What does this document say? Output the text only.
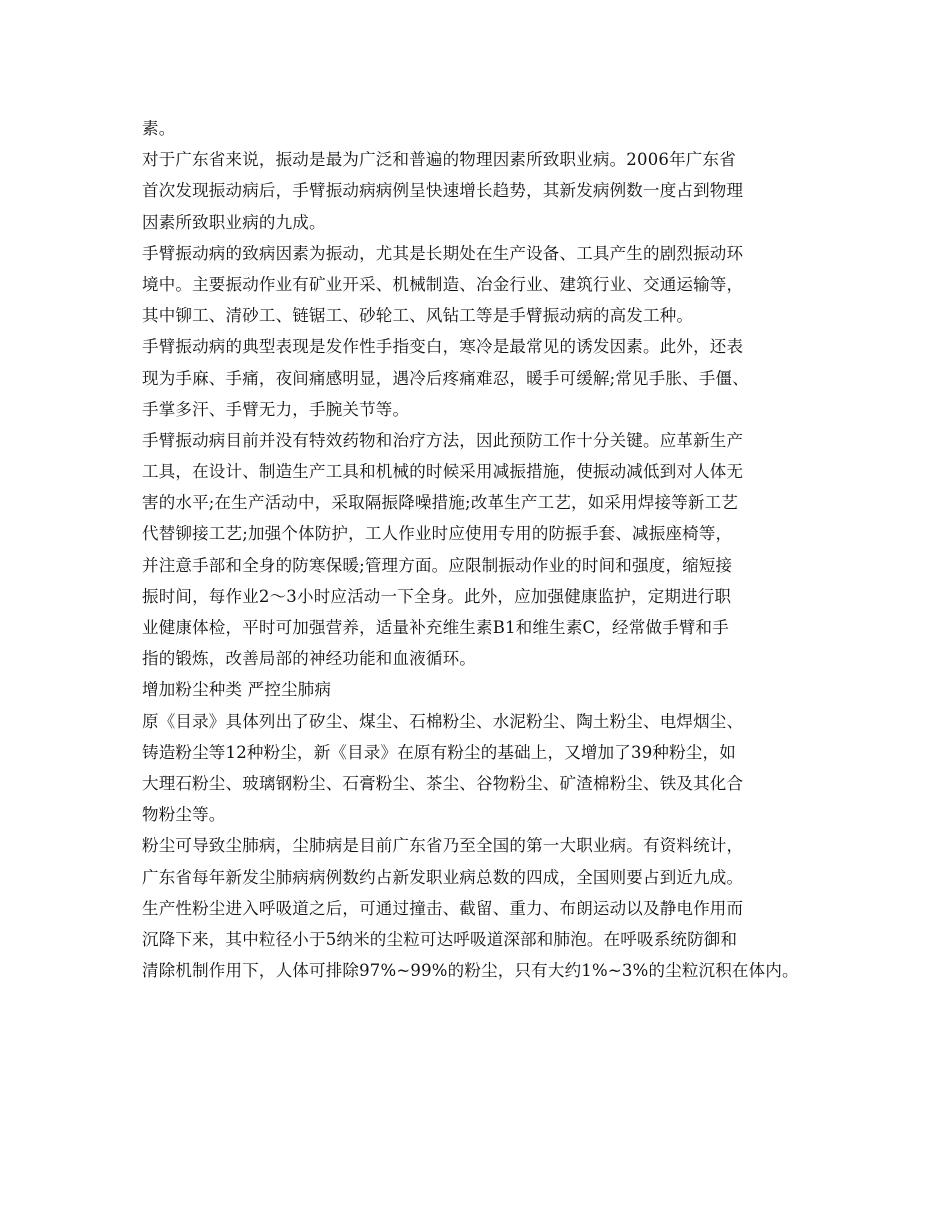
素。
对于广东省来说，振动是最为广泛和普遍的物理因素所致职业病。2006年广东省
首次发现振动病后，手臂振动病病例呈快速增长趋势，其新发病例数一度占到物理
因素所致职业病的九成。
手臂振动病的致病因素为振动，尤其是长期处在生产设备、工具产生的剧烈振动环
境中。主要振动作业有矿业开采、机械制造、冶金行业、建筑行业、交通运输等，
其中铆工、清砂工、链锯工、砂轮工、风钻工等是手臂振动病的高发工种。
手臂振动病的典型表现是发作性手指变白，寒冷是最常见的诱发因素。此外，还表
现为手麻、手痛，夜间痛感明显，遇冷后疼痛难忍，暖手可缓解;常见手胀、手僵、
手掌多汗、手臂无力，手腕关节等。
手臂振动病目前并没有特效药物和治疗方法，因此预防工作十分关键。应革新生产
工具，在设计、制造生产工具和机械的时候采用减振措施，使振动减低到对人体无
害的水平;在生产活动中，采取隔振降噪措施;改革生产工艺，如采用焊接等新工艺
代替铆接工艺;加强个体防护，工人作业时应使用专用的防振手套、减振座椅等，
并注意手部和全身的防寒保暖;管理方面。应限制振动作业的时间和强度，缩短接
振时间，每作业2～3小时应活动一下全身。此外，应加强健康监护，定期进行职
业健康体检，平时可加强营养，适量补充维生素B1和维生素C，经常做手臂和手
指的锻炼，改善局部的神经功能和血液循环。
增加粉尘种类 严控尘肺病
原《目录》具体列出了矽尘、煤尘、石棉粉尘、水泥粉尘、陶土粉尘、电焊烟尘、
铸造粉尘等12种粉尘，新《目录》在原有粉尘的基础上，又增加了39种粉尘，如
大理石粉尘、玻璃钢粉尘、石膏粉尘、茶尘、谷物粉尘、矿渣棉粉尘、铁及其化合
物粉尘等。
粉尘可导致尘肺病，尘肺病是目前广东省乃至全国的第一大职业病。有资料统计，
广东省每年新发尘肺病病例数约占新发职业病总数的四成，全国则要占到近九成。
生产性粉尘进入呼吸道之后，可通过撞击、截留、重力、布朗运动以及静电作用而
沉降下来，其中粒径小于5纳米的尘粒可达呼吸道深部和肺泡。在呼吸系统防御和
清除机制作用下，人体可排除97%~99%的粉尘，只有大约1%~3%的尘粒沉积在体内。
